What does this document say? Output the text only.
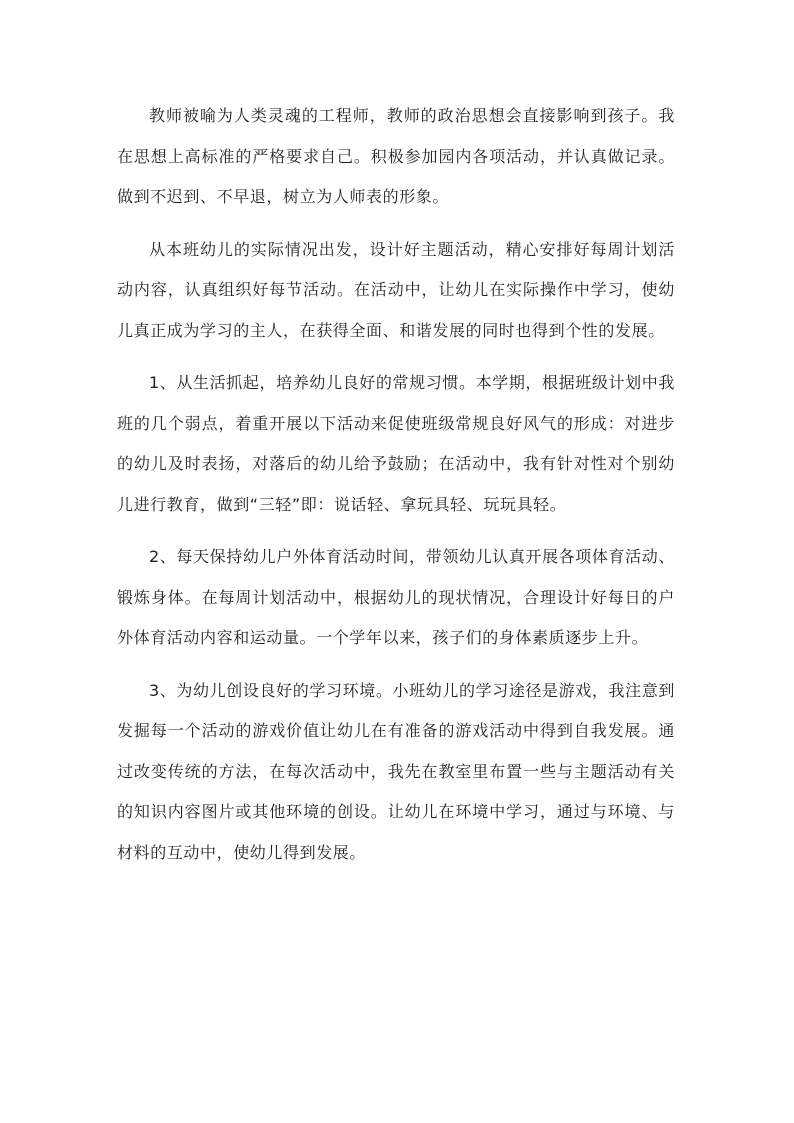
教师被喻为人类灵魂的工程师，教师的政治思想会直接影响到孩子。我在思想上高标准的严格要求自己。积极参加园内各项活动，并认真做记录。做到不迟到、不早退，树立为人师表的形象。

从本班幼儿的实际情况出发，设计好主题活动，精心安排好每周计划活动内容，认真组织好每节活动。在活动中，让幼儿在实际操作中学习，使幼儿真正成为学习的主人，在获得全面、和谐发展的同时也得到个性的发展。

1、从生活抓起，培养幼儿良好的常规习惯。本学期，根据班级计划中我班的几个弱点，着重开展以下活动来促使班级常规良好风气的形成：对进步的幼儿及时表扬，对落后的幼儿给予鼓励；在活动中，我有针对性对个别幼儿进行教育，做到“三轻”即：说话轻、拿玩具轻、玩玩具轻。

2、每天保持幼儿户外体育活动时间，带领幼儿认真开展各项体育活动、锻炼身体。在每周计划活动中，根据幼儿的现状情况，合理设计好每日的户外体育活动内容和运动量。一个学年以来，孩子们的身体素质逐步上升。

3、为幼儿创设良好的学习环境。小班幼儿的学习途径是游戏，我注意到发掘每一个活动的游戏价值让幼儿在有准备的游戏活动中得到自我发展。通过改变传统的方法，在每次活动中，我先在教室里布置一些与主题活动有关的知识内容图片或其他环境的创设。让幼儿在环境中学习，通过与环境、与材料的互动中，使幼儿得到发展。
